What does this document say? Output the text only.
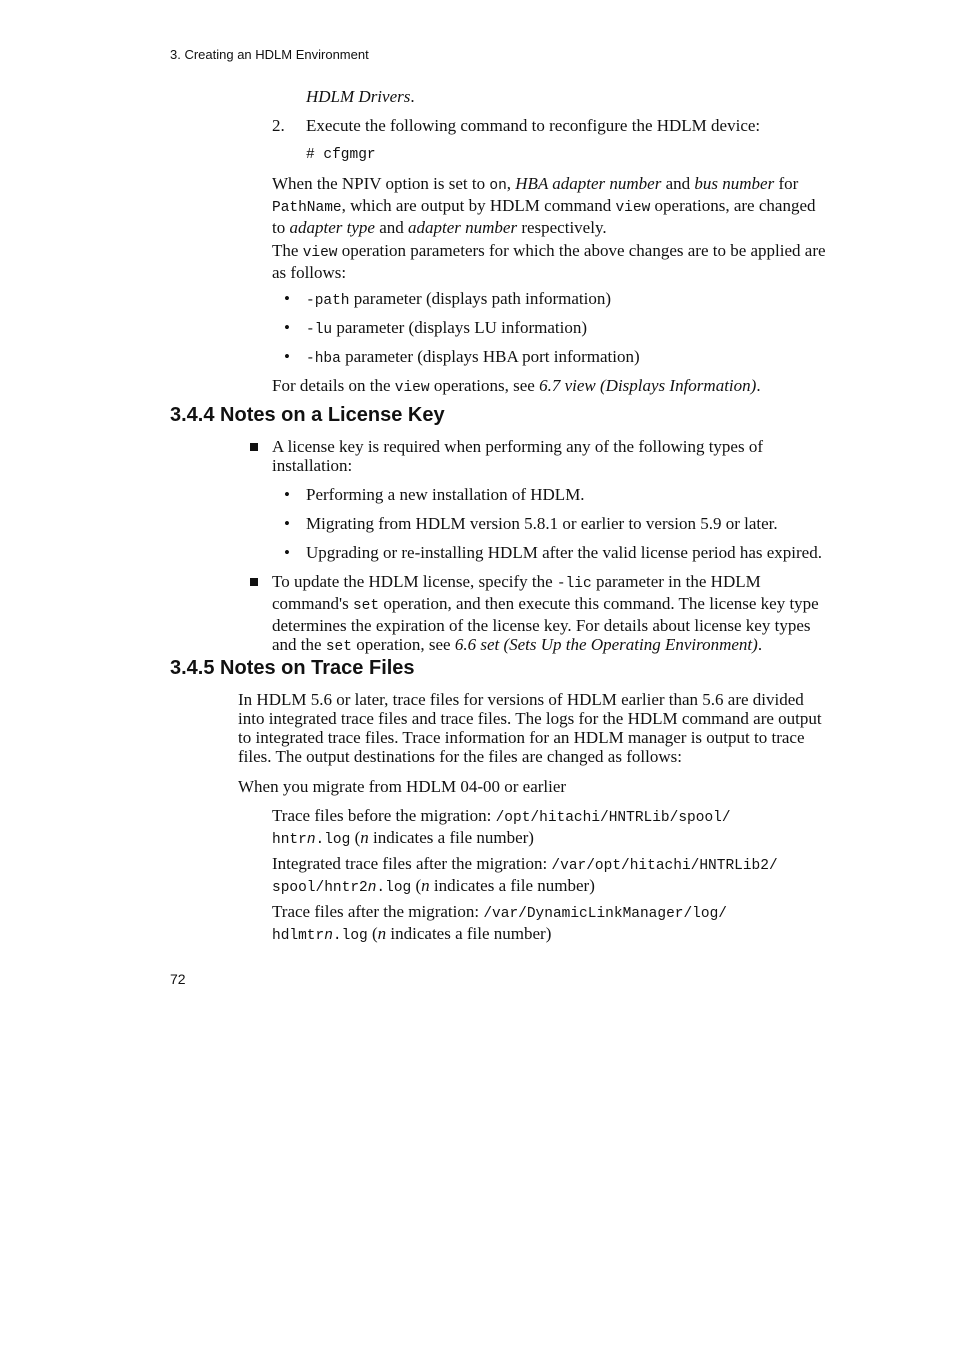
3. Creating an HDLM Environment
72
HDLM Drivers.
2. Execute the following command to reconfigure the HDLM device:
# cfgmgr
When the NPIV option is set to on, HBA adapter number and bus number for
PathName, which are output by HDLM command view operations, are changed
to adapter type and adapter number respectively.
The view operation parameters for which the above changes are to be applied are
as follows:
• -path parameter (displays path information)
• -lu parameter (displays LU information)
• -hba parameter (displays HBA port information)
For details on the view operations, see 6.7 view (Displays Information).
3.4.4 Notes on a License Key
A license key is required when performing any of the following types of
installation:
• Performing a new installation of HDLM.
• Migrating from HDLM version 5.8.1 or earlier to version 5.9 or later.
• Upgrading or re-installing HDLM after the valid license period has expired.
To update the HDLM license, specify the -lic parameter in the HDLM
command's set operation, and then execute this command. The license key type
determines the expiration of the license key. For details about license key types
and the set operation, see 6.6 set (Sets Up the Operating Environment).
3.4.5 Notes on Trace Files
In HDLM 5.6 or later, trace files for versions of HDLM earlier than 5.6 are divided
into integrated trace files and trace files. The logs for the HDLM command are output
to integrated trace files. Trace information for an HDLM manager is output to trace
files. The output destinations for the files are changed as follows:
When you migrate from HDLM 04-00 or earlier
Trace files before the migration: /opt/hitachi/HNTRLib/spool/
hntrn.log (n indicates a file number)
Integrated trace files after the migration: /var/opt/hitachi/HNTRLib2/
spool/hntr2n.log (n indicates a file number)
Trace files after the migration: /var/DynamicLinkManager/log/
hdlmtrn.log (n indicates a file number)
